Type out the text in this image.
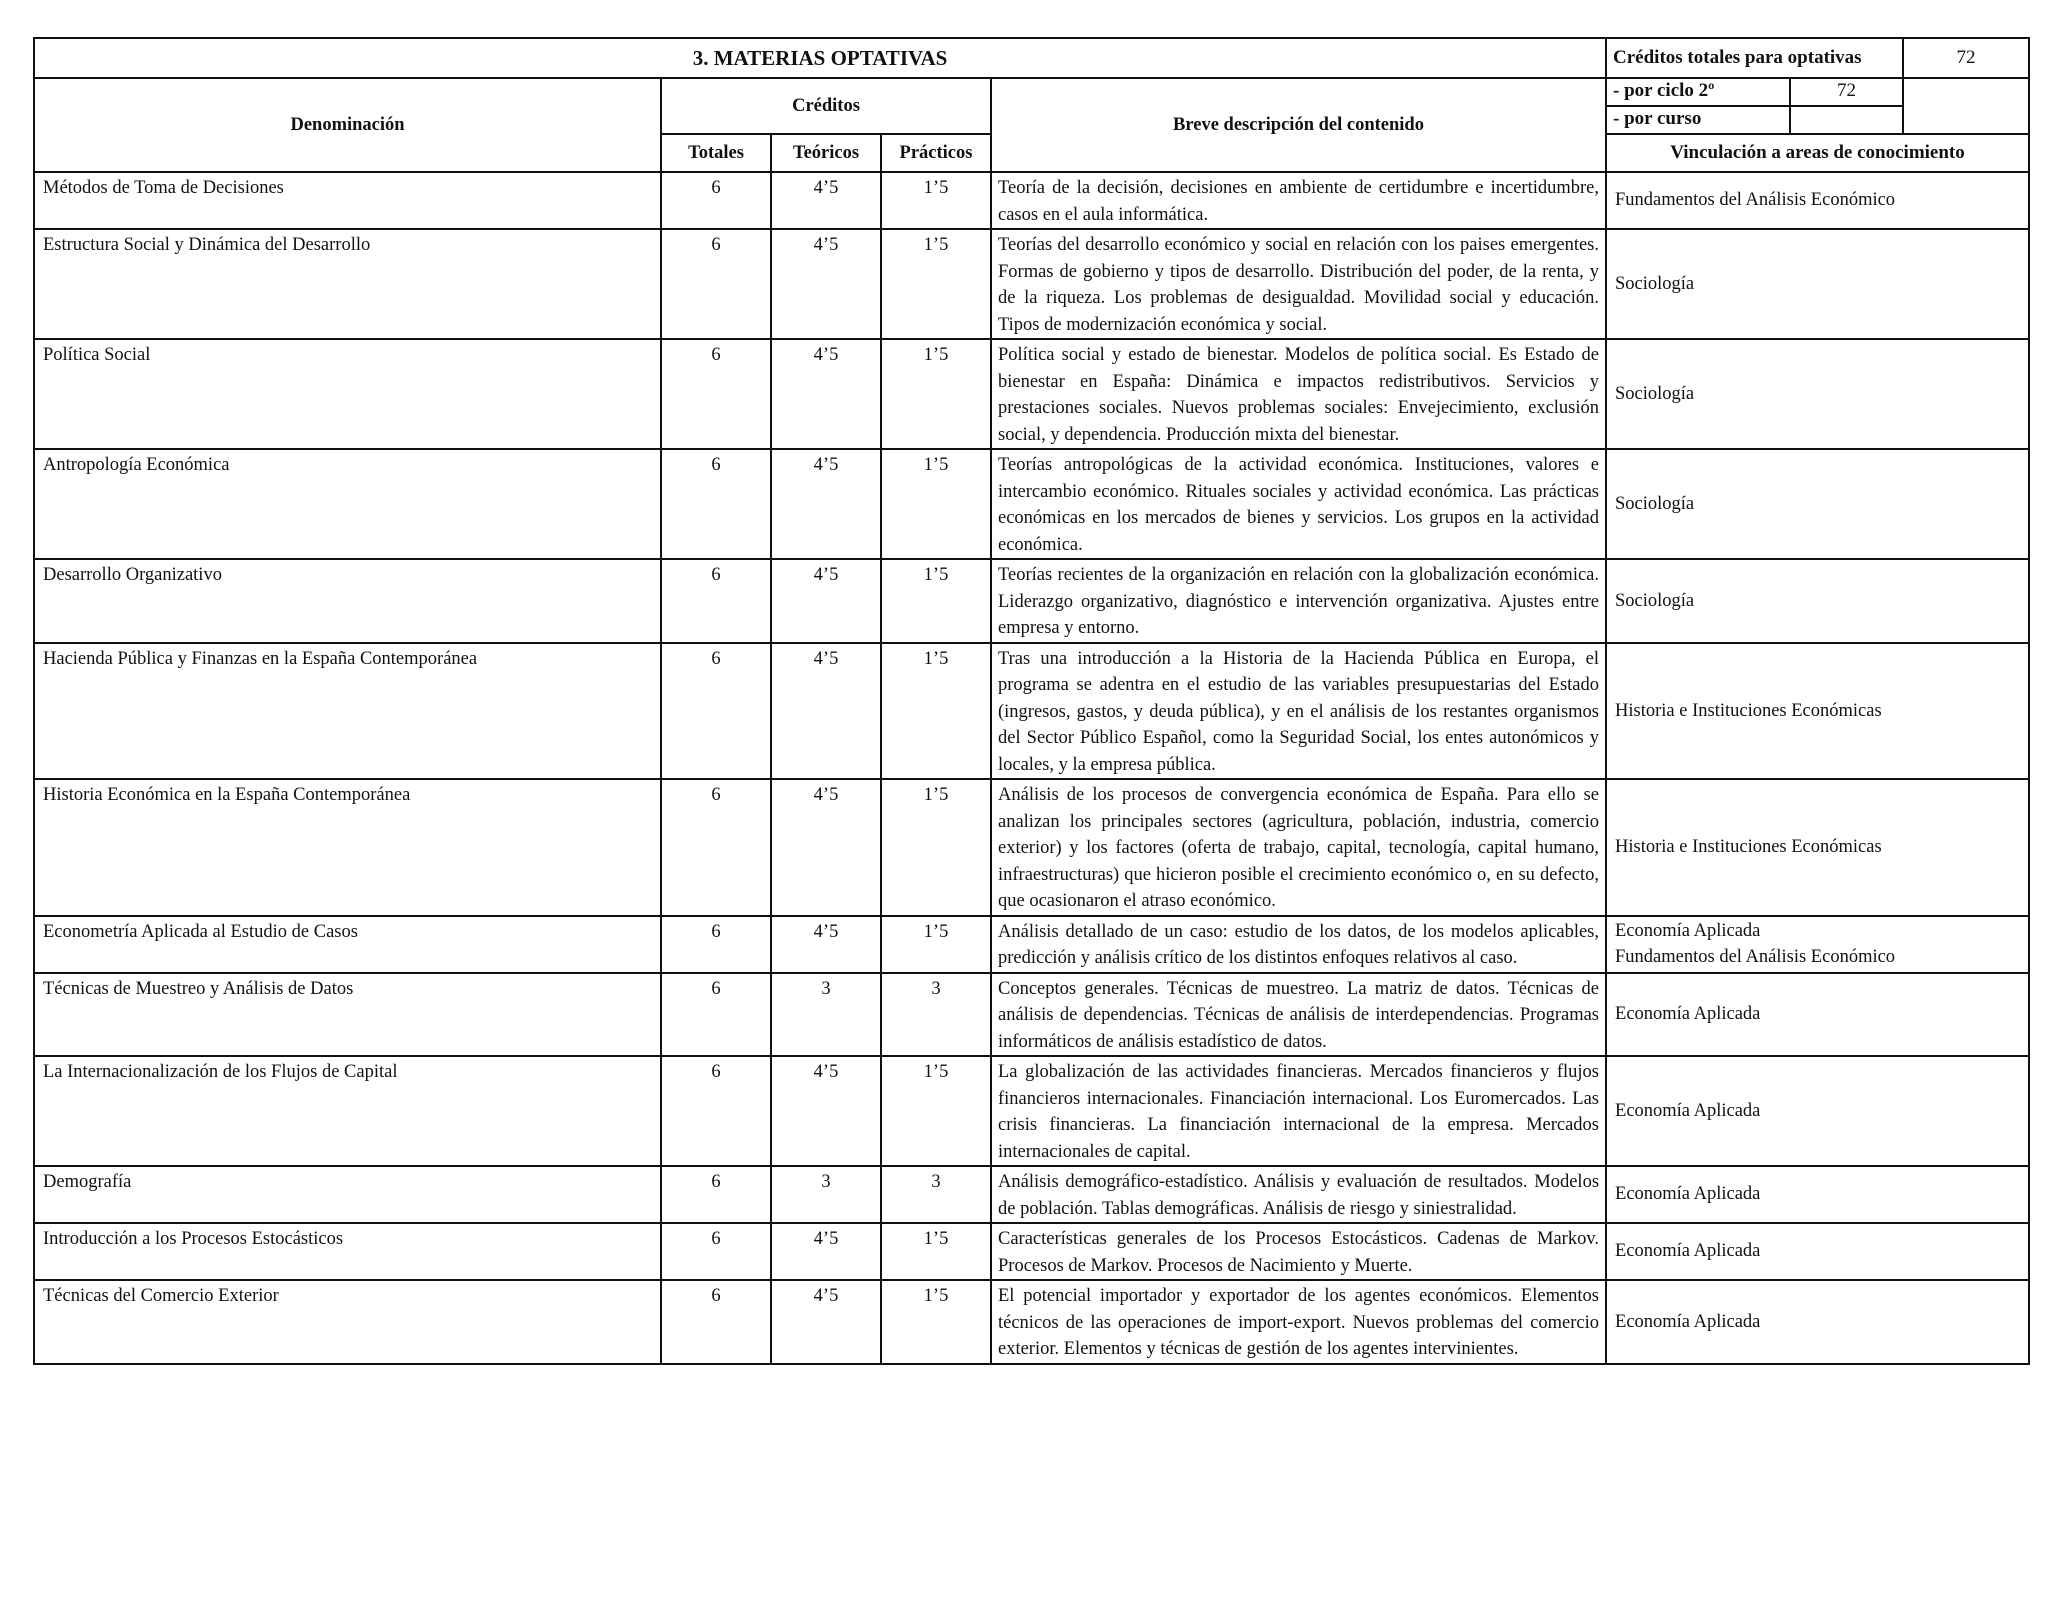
3. MATERIAS OPTATIVAS					Créditos totales para optativas		72
Denominación	Créditos			Breve descripción del contenido	- por ciclo 2º	72	
					- por curso		
	Totales	Teóricos	Prácticos		Vinculación a areas de conocimiento		
Métodos de Toma de Decisiones	6	4’5	1’5	Teoría de la decisión, decisiones en ambiente de certidumbre e incertidumbre, casos en el aula informática.	Fundamentos del Análisis Económico		
Estructura Social y Dinámica del Desarrollo	6	4’5	1’5	Teorías del desarrollo económico y social en relación con los paises emergentes. Formas de gobierno y tipos de desarrollo. Distribución del poder, de la renta, y de la riqueza. Los problemas de desigualdad. Movilidad social y educación. Tipos de modernización económica y social.	Sociología		
Política Social	6	4’5	1’5	Política social y estado de bienestar. Modelos de política social. Es Estado de bienestar en España: Dinámica e impactos redistributivos. Servicios y prestaciones sociales. Nuevos problemas sociales: Envejecimiento, exclusión social, y dependencia. Producción mixta del bienestar.	Sociología		
Antropología Económica	6	4’5	1’5	Teorías antropológicas de la actividad económica. Instituciones, valores e intercambio económico. Rituales sociales y actividad económica. Las prácticas económicas en los mercados de bienes y servicios. Los grupos en la actividad económica.	Sociología		
Desarrollo Organizativo	6	4’5	1’5	Teorías recientes de la organización en relación con la globalización económica. Liderazgo organizativo, diagnóstico e intervención organizativa. Ajustes entre empresa y entorno.	Sociología		
Hacienda Pública y Finanzas en la España Contemporánea	6	4’5	1’5	Tras una introducción a la Historia de la Hacienda Pública en Europa, el programa se adentra en el estudio de las variables presupuestarias del Estado (ingresos, gastos, y deuda pública), y en el análisis de los restantes organismos del Sector Público Español, como la Seguridad Social, los entes autonómicos y locales, y la empresa pública.	Historia e Instituciones Económicas		
Historia Económica en la España Contemporánea	6	4’5	1’5	Análisis de los procesos de convergencia económica de España. Para ello se analizan los principales sectores (agricultura, población, industria, comercio exterior) y los factores (oferta de trabajo, capital, tecnología, capital humano, infraestructuras) que hicieron posible el crecimiento económico o, en su defecto, que ocasionaron el atraso económico.	Historia e Instituciones Económicas		
Econometría Aplicada al Estudio de Casos	6	4’5	1’5	Análisis detallado de un caso: estudio de los datos, de los modelos aplicables, predicción y análisis crítico de los distintos enfoques relativos al caso.	Economía Aplicada
Fundamentos del Análisis Económico		
Técnicas de Muestreo y Análisis de Datos	6	3	3	Conceptos generales. Técnicas de muestreo. La matriz de datos. Técnicas de análisis de dependencias. Técnicas de análisis de interdependencias. Programas informáticos de análisis estadístico de datos.	Economía Aplicada		
La Internacionalización de los Flujos de Capital	6	4’5	1’5	La globalización de las actividades financieras. Mercados financieros y flujos financieros internacionales. Financiación internacional. Los Euromercados. Las crisis financieras. La financiación internacional de la empresa. Mercados internacionales de capital.	Economía Aplicada		
Demografía	6	3	3	Análisis demográfico-estadístico. Análisis y evaluación de resultados. Modelos de población. Tablas demográficas. Análisis de riesgo y siniestralidad.	Economía Aplicada		
Introducción a los Procesos Estocásticos	6	4’5	1’5	Características generales de los Procesos Estocásticos. Cadenas de Markov. Procesos de Markov. Procesos de Nacimiento y Muerte.	Economía Aplicada		
Técnicas del Comercio Exterior	6	4’5	1’5	El potencial importador y exportador de los agentes económicos. Elementos técnicos de las operaciones de import-export. Nuevos problemas del comercio exterior. Elementos y técnicas de gestión de los agentes intervinientes.	Economía Aplicada		
